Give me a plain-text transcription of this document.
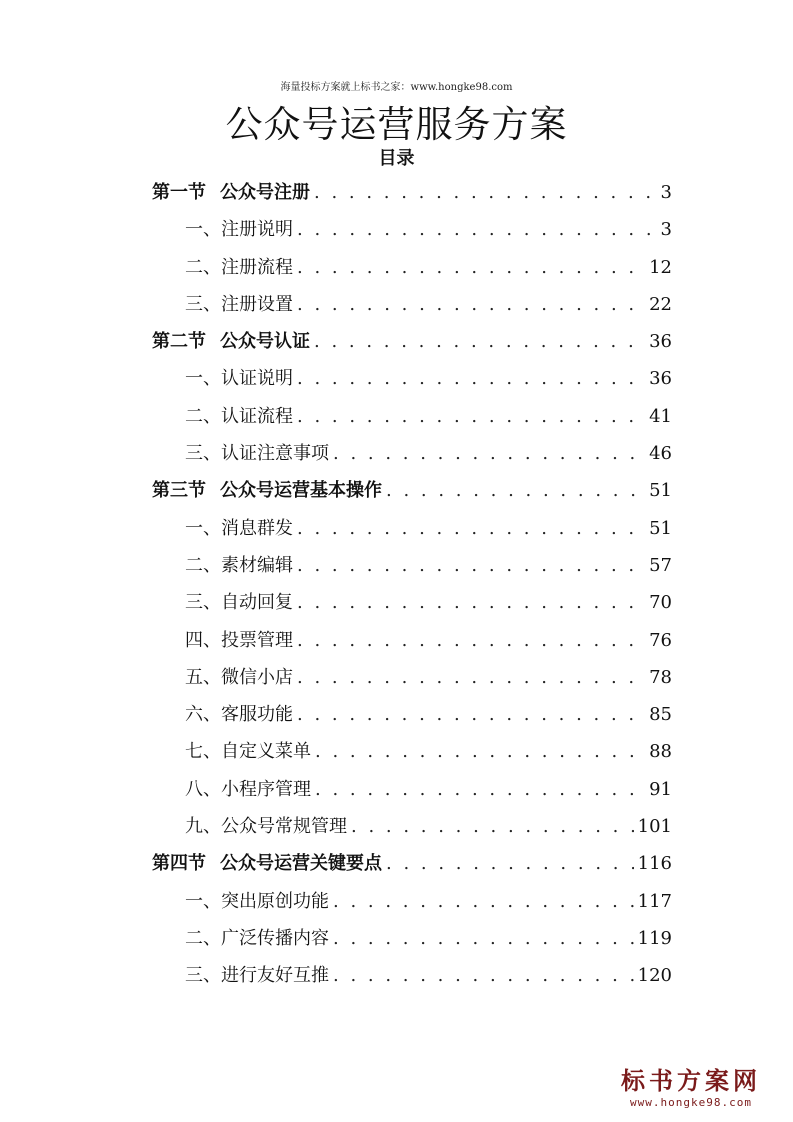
海量投标方案就上标书之家：www.hongke98.com
公众号运营服务方案
目录
第一节 公众号注册 . . .	3
一、 注册说明 . . .	3
二、 注册流程 . . .	12
三、 注册设置 . . .	22
第二节 公众号认证 . . .	36
一、 认证说明 . . .	36
二、 认证流程 . . .	41
三、 认证注意事项 . . .	46
第三节 公众号运营基本操作 . . .	51
一、 消息群发 . . .	51
二、 素材编辑 . . .	57
三、 自动回复 . . .	70
四、 投票管理 . . .	76
五、 微信小店 . . .	78
六、 客服功能 . . .	85
七、 自定义菜单 . . .	88
八、 小程序管理 . . .	91
九、 公众号常规管理 . . .	101
第四节 公众号运营关键要点 . . .	116
一、 突出原创功能 . . .	117
二、 广泛传播内容 . . .	119
三、 进行友好互推 . . .	120
标书方案网
www.hongke98.com
